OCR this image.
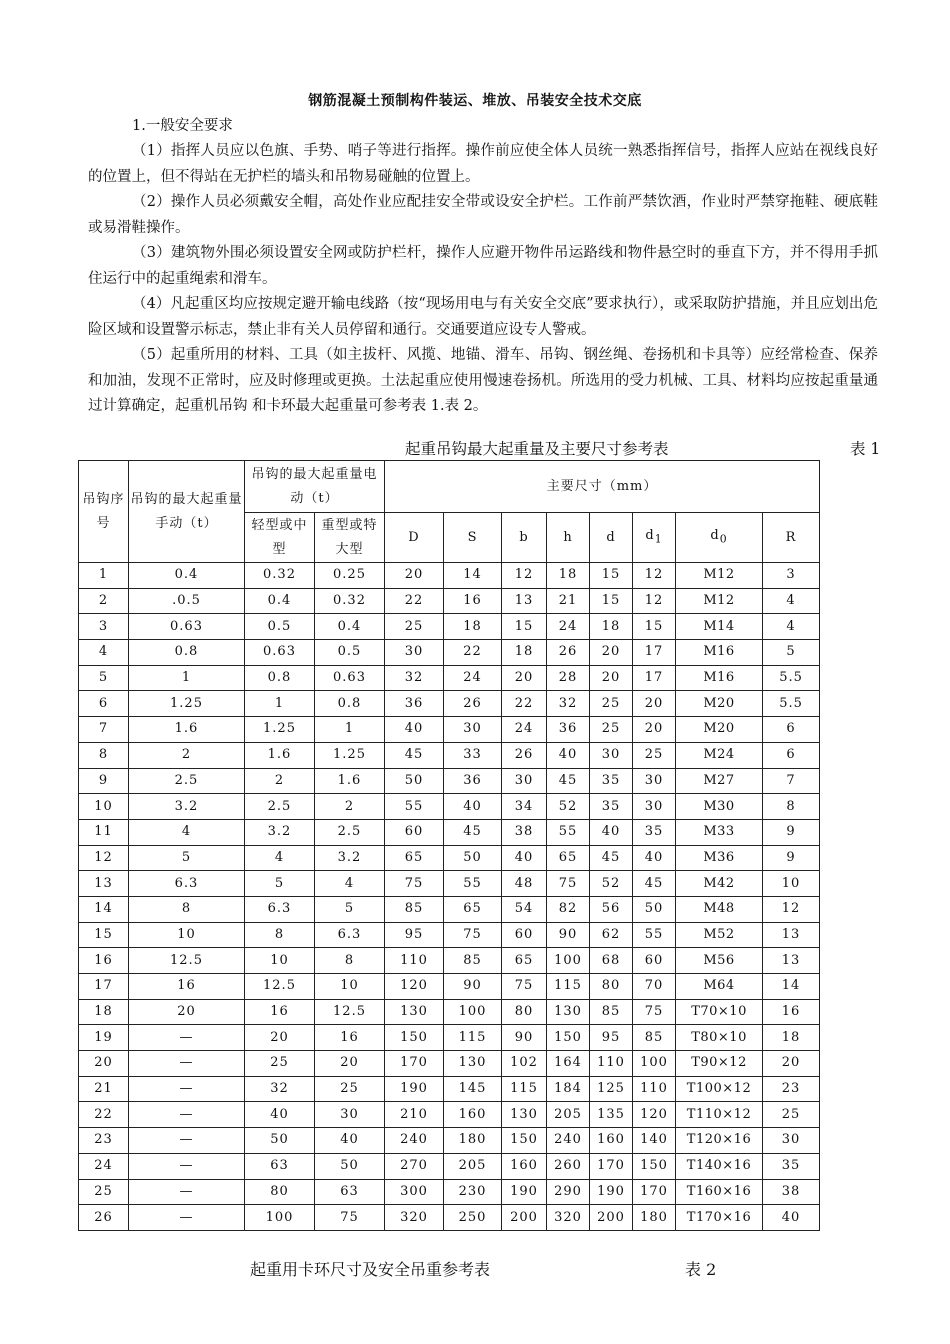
钢筋混凝土预制构件装运、堆放、吊装安全技术交底
1.一般安全要求
（1）指挥人员应以色旗、手势、哨子等进行指挥。操作前应使全体人员统一熟悉指挥信号，指挥人应站在视线良好的位置上，但不得站在无护栏的墙头和吊物易碰触的位置上。
（2）操作人员必须戴安全帽，高处作业应配挂安全带或设安全护栏。工作前严禁饮酒，作业时严禁穿拖鞋、硬底鞋或易滑鞋操作。
（3）建筑物外围必须设置安全网或防护栏杆，操作人应避开物件吊运路线和物件悬空时的垂直下方，并不得用手抓住运行中的起重绳索和滑车。
（4）凡起重区均应按规定避开输电线路（按“现场用电与有关安全交底”要求执行），或采取防护措施，并且应划出危险区域和设置警示标志，禁止非有关人员停留和通行。交通要道应设专人警戒。
（5）起重所用的材料、工具（如主拔杆、风揽、地锚、滑车、吊钩、钢丝绳、卷扬机和卡具等）应经常检查、保养和加油，发现不正常时，应及时修理或更换。土法起重应使用慢速卷扬机。所选用的受力机械、工具、材料均应按起重量通过计算确定，起重机吊钩 和卡环最大起重量可参考表 1.表 2。
起重吊钩最大起重量及主要尺寸参考表	表 1
吊钩序号	吊钩的最大起重量手动（t）	吊钩的最大起重量电动（t）		主要尺寸（mm）							
		轻型或中型	重型或特大型	D	S	b	h	d	$d_1$	$d_0$	R
1	0.4	0.32	0.25	20	14	12	18	15	12	M12	3
2	.0.5	0.4	0.32	22	16	13	21	15	12	M12	4
3	0.63	0.5	0.4	25	18	15	24	18	15	M14	4
4	0.8	0.63	0.5	30	22	18	26	20	17	M16	5
5	1	0.8	0.63	32	24	20	28	20	17	M16	5.5
6	1.25	1	0.8	36	26	22	32	25	20	M20	5.5
7	1.6	1.25	1	40	30	24	36	25	20	M20	6
8	2	1.6	1.25	45	33	26	40	30	25	M24	6
9	2.5	2	1.6	50	36	30	45	35	30	M27	7
10	3.2	2.5	2	55	40	34	52	35	30	M30	8
11	4	3.2	2.5	60	45	38	55	40	35	M33	9
12	5	4	3.2	65	50	40	65	45	40	M36	9
13	6.3	5	4	75	55	48	75	52	45	M42	10
14	8	6.3	5	85	65	54	82	56	50	M48	12
15	10	8	6.3	95	75	60	90	62	55	M52	13
16	12.5	10	8	110	85	65	100	68	60	M56	13
17	16	12.5	10	120	90	75	115	80	70	M64	14
18	20	16	12.5	130	100	80	130	85	75	T70×10	16
19	—	20	16	150	115	90	150	95	85	T80×10	18
20	—	25	20	170	130	102	164	110	100	T90×12	20
21	—	32	25	190	145	115	184	125	110	T100×12	23
22	—	40	30	210	160	130	205	135	120	T110×12	25
23	—	50	40	240	180	150	240	160	140	T120×16	30
24	—	63	50	270	205	160	260	170	150	T140×16	35
25	—	80	63	300	230	190	290	190	170	T160×16	38
26	—	100	75	320	250	200	320	200	180	T170×16	40
起重用卡环尺寸及安全吊重参考表	表 2
